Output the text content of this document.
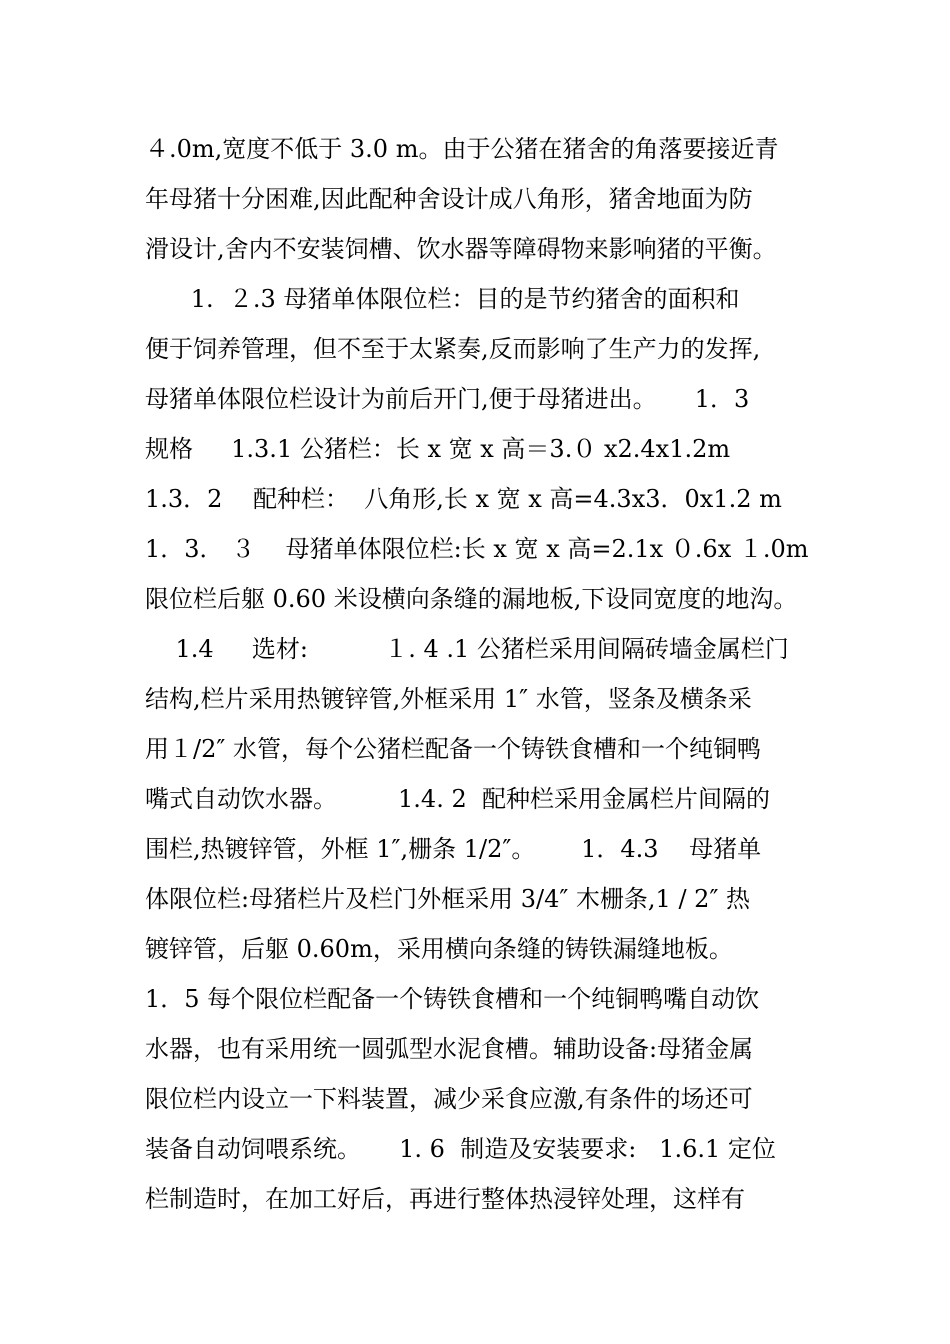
４.0m,宽度不低于 3.0 m。由于公猪在猪舍的角落要接近青
年母猪十分困难,因此配种舍设计成八角形，猪舍地面为防
滑设计,舍内不安装饲槽、饮水器等障碍物来影响猪的平衡。
1.  ２.3 母猪单体限位栏：目的是节约猪舍的面积和
便于饲养管理，但不至于太紧奏,反而影响了生产力的发挥,
母猪单体限位栏设计为前后开门,便于母猪进出。     1．3
规格     1.3.1 公猪栏：长 x 宽 x 高＝3.０ x2.4x1.2m
1.3．2    配种栏：  八角形,长 x 宽 x 高=4.3x3．0x1.2 m
1．3． ３    母猪单体限位栏:长 x 宽 x 高=2.1x ０.6x １.0m
限位栏后躯 0.60 米设横向条缝的漏地板,下设同宽度的地沟。
1.4     选材:          １. 4 .1 公猪栏采用间隔砖墙金属栏门
结构,栏片采用热镀锌管,外框采用 1″ 水管，竖条及横条采
用１/2″ 水管，每个公猪栏配备一个铸铁食槽和一个纯铜鸭
嘴式自动饮水器。        1.4. 2  配种栏采用金属栏片间隔的
围栏,热镀锌管，外框 1″,栅条 1/2″。      1．4.3    母猪单
体限位栏:母猪栏片及栏门外框采用 3/4″ 木栅条,1 / 2″ 热
镀锌管，后躯 0.60m，采用横向条缝的铸铁漏缝地板。
1．5 每个限位栏配备一个铸铁食槽和一个纯铜鸭嘴自动饮
水器，也有采用统一圆弧型水泥食槽。辅助设备:母猪金属
限位栏内设立一下料装置，减少采食应激,有条件的场还可
装备自动饲喂系统。     1. 6  制造及安装要求:   1.6.1 定位
栏制造时，在加工好后，再进行整体热浸锌处理，这样有
